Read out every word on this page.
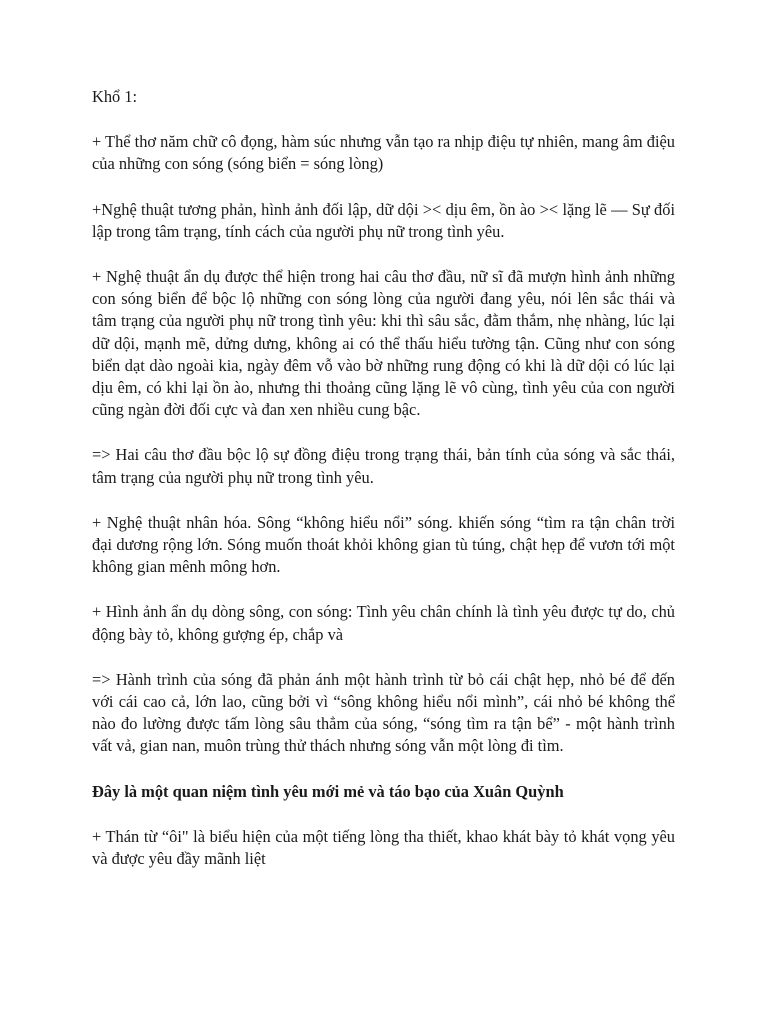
Khổ 1:

+ Thể thơ năm chữ cô đọng, hàm súc nhưng vẫn tạo ra nhịp điệu tự nhiên, mang âm điệu của những con sóng (sóng biển = sóng lòng)

+Nghệ thuật tương phản, hình ảnh đối lập, dữ dội >< dịu êm, ồn ào >< lặng lẽ — Sự đối lập trong tâm trạng, tính cách của người phụ nữ trong tình yêu.

+ Nghệ thuật ẩn dụ được thể hiện trong hai câu thơ đầu, nữ sĩ đã mượn hình ảnh những con sóng biển để bộc lộ những con sóng lòng của người đang yêu, nói lên sắc thái và tâm trạng của người phụ nữ trong tình yêu: khi thì sâu sắc, đằm thắm, nhẹ nhàng, lúc lại dữ dội, mạnh mẽ, dửng dưng, không ai có thể thấu hiểu tường tận. Cũng như con sóng biển dạt dào ngoài kia, ngày đêm vỗ vào bờ những rung động có khi là dữ dội có lúc lại dịu êm, có khi lại ồn ào, nhưng thi thoảng cũng lặng lẽ vô cùng, tình yêu của con người cũng ngàn đời đối cực và đan xen nhiều cung bậc.

=> Hai câu thơ đầu bộc lộ sự đồng điệu trong trạng thái, bản tính của sóng và sắc thái, tâm trạng của người phụ nữ trong tình yêu.

+ Nghệ thuật nhân hóa. Sông “không hiểu nổi” sóng. khiến sóng “tìm ra tận chân trời đại dương rộng lớn. Sóng muốn thoát khỏi không gian tù túng, chật hẹp để vươn tới một không gian mênh mông hơn.

+ Hình ảnh ẩn dụ dòng sông, con sóng: Tình yêu chân chính là tình yêu được tự do, chủ động bày tỏ, không gượng ép, chắp và

=> Hành trình của sóng đã phản ánh một hành trình từ bỏ cái chật hẹp, nhỏ bé để đến với cái cao cả, lớn lao, cũng bởi vì “sông không hiểu nổi mình”, cái nhỏ bé không thể nào đo lường được tấm lòng sâu thẳm của sóng, “sóng tìm ra tận bể” - một hành trình vất vả, gian nan, muôn trùng thử thách nhưng sóng vẫn một lòng đi tìm.

Đây là một quan niệm tình yêu mới mẻ và táo bạo của Xuân Quỳnh

+ Thán từ “ôi" là biểu hiện của một tiếng lòng tha thiết, khao khát bày tỏ khát vọng yêu và được yêu đầy mãnh liệt
